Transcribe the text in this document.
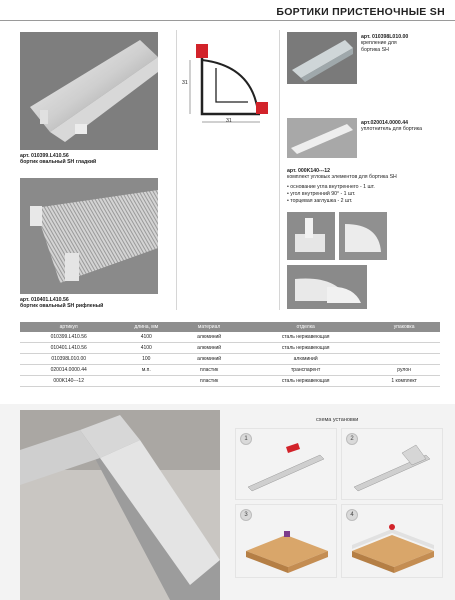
БОРТИКИ ПРИСТЕНОЧНЫЕ SH
арт. 010399.L410.56
бортик овальный SH гладкий
арт. 010401.L410.56
бортик овальный SH рифленый
31
31
арт. 010398L010.00
крепление для
бортика SH
арт.020014.0000.44
уплотнитель для бортика
арт. 000K140---12
комплект угловых элементов для бортика SH
• основание угла внутреннего - 1 шт.
• угол внутренний 90° - 1 шт.
• торцевая заглушка - 2 шт.
артикул	длина, мм	материал	отделка	упаковка
010399.L410.56	4100	алюминий	сталь нержавеющая	
010401.L410.56	4100	алюминий	сталь нержавеющая	
010398L010.00	100	алюминий	алюминий	
020014.0000.44	м.п.	пластик	транспарент	рулон
000K140---12		пластик	сталь нержавеющая	1 комплект
схема установки
1	2
3	4
